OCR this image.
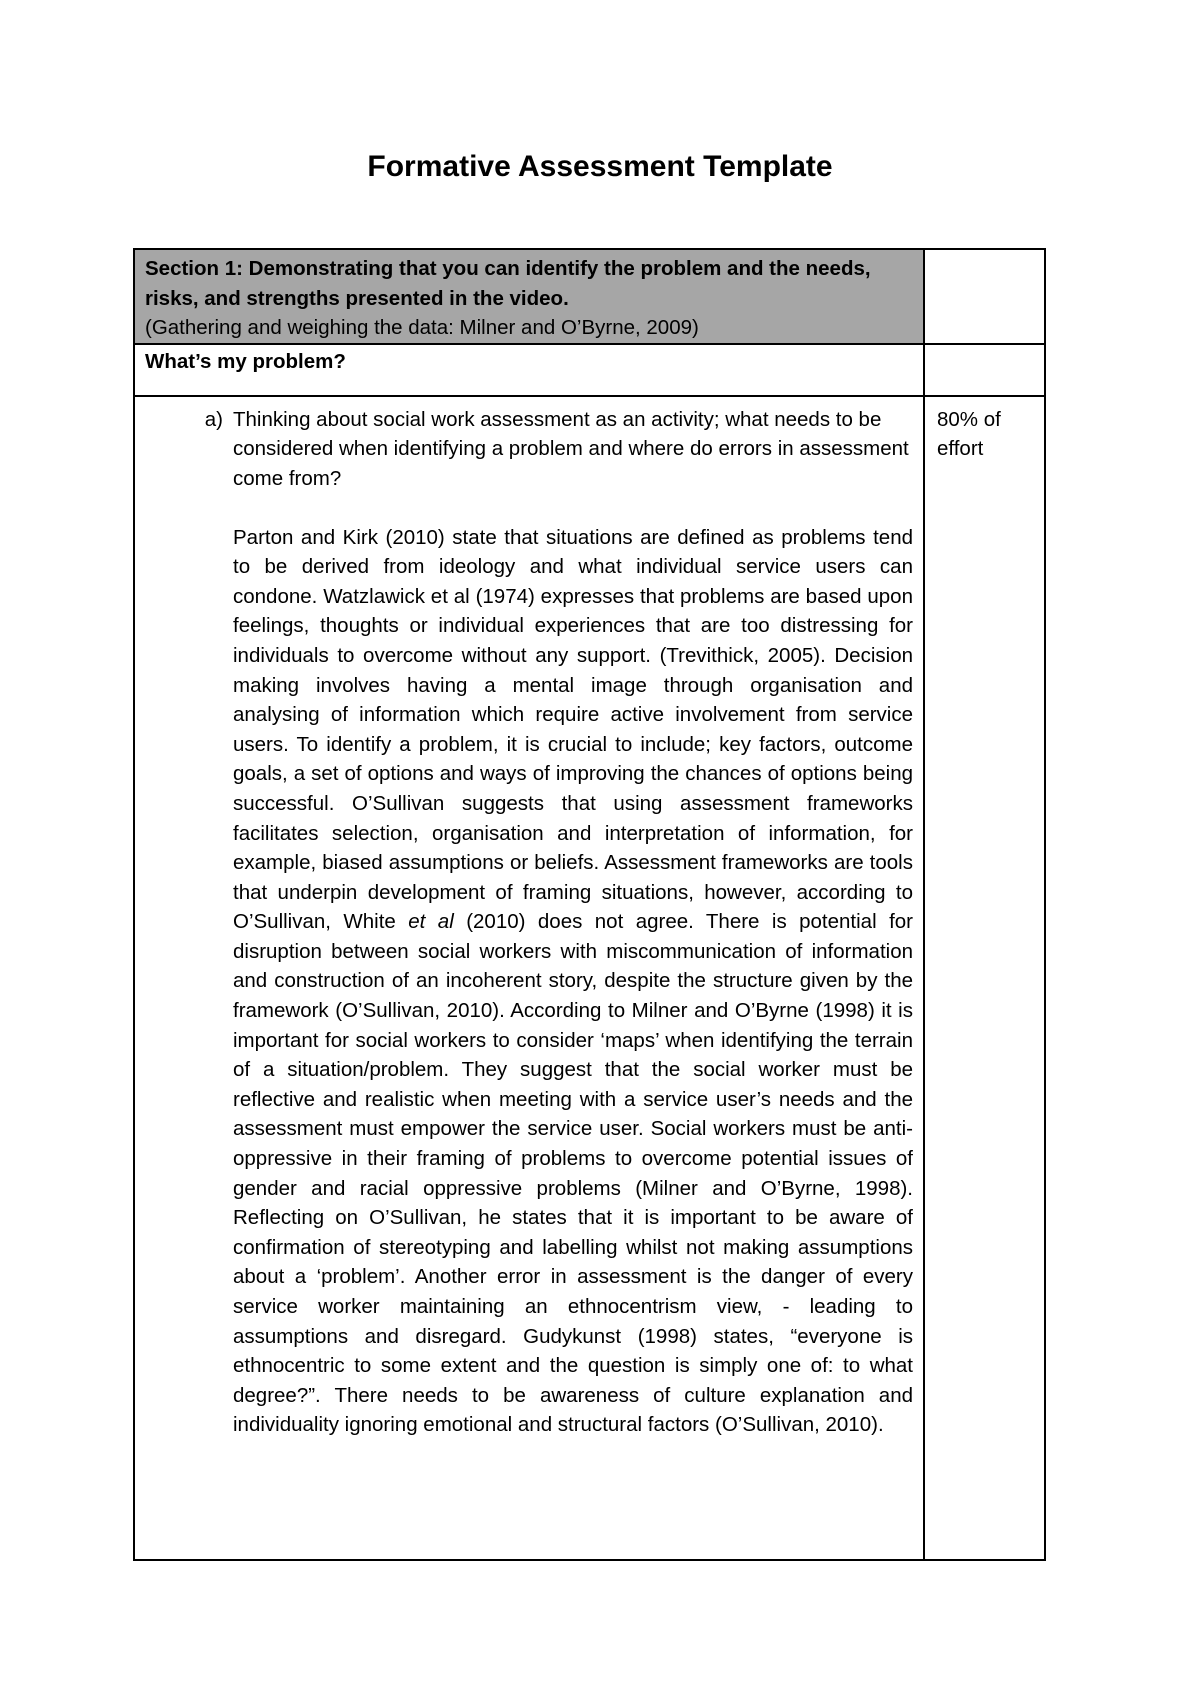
Formative Assessment Template
Section 1: Demonstrating that you can identify the problem and the needs, risks, and strengths presented in the video.
(Gathering and weighing the data: Milner and O’Byrne, 2009)	

What’s my problem?	

a) Thinking about social work assessment as an activity; what needs to be considered when identifying a problem and where do errors in assessment come from?

Parton and Kirk (2010) state that situations are defined as problems tend to be derived from ideology and what individual service users can condone. Watzlawick et al (1974) expresses that problems are based upon feelings, thoughts or individual experiences that are too distressing for individuals to overcome without any support. (Trevithick, 2005). Decision making involves having a mental image through organisation and analysing of information which require active involvement from service users. To identify a problem, it is crucial to include; key factors, outcome goals, a set of options and ways of improving the chances of options being successful. O’Sullivan suggests that using assessment frameworks facilitates selection, organisation and interpretation of information, for example, biased assumptions or beliefs. Assessment frameworks are tools that underpin development of framing situations, however, according to O’Sullivan, White et al (2010) does not agree. There is potential for disruption between social workers with miscommunication of information and construction of an incoherent story, despite the structure given by the framework (O’Sullivan, 2010). According to Milner and O’Byrne (1998) it is important for social workers to consider ‘maps’ when identifying the terrain of a situation/problem. They suggest that the social worker must be reflective and realistic when meeting with a service user’s needs and the assessment must empower the service user. Social workers must be anti-oppressive in their framing of problems to overcome potential issues of gender and racial oppressive problems (Milner and O’Byrne, 1998). Reflecting on O’Sullivan, he states that it is important to be aware of confirmation of stereotyping and labelling whilst not making assumptions about a ‘problem’. Another error in assessment is the danger of every service worker maintaining an ethnocentrism view, - leading to assumptions and disregard. Gudykunst (1998) states, “everyone is ethnocentric to some extent and the question is simply one of: to what degree?”. There needs to be awareness of culture explanation and individuality ignoring emotional and structural factors (O’Sullivan, 2010).	80% of effort
